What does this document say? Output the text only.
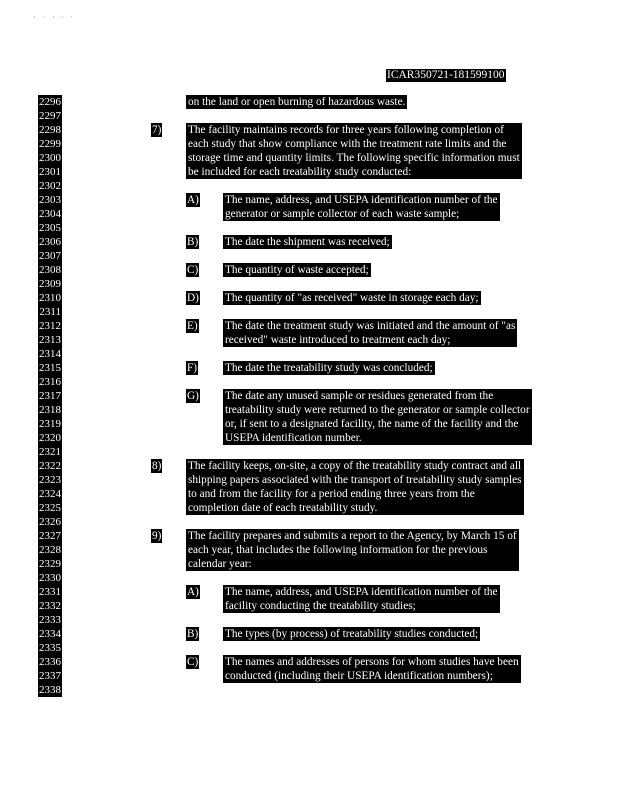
' ' ' ' '
ICAR350721-181599100
2296
2297
2298
2299
2300
2301
2302
2303
2304
2305
2306
2307
2308
2309
2310
2311
2312
2313
2314
2315
2316
2317
2318
2319
2320
2321
2322
2323
2324
2325
2326
2327
2328
2329
2330
2331
2332
2333
2334
2335
2336
2337
2338
on the land or open burning of hazardous waste.
7) The facility maintains records for three years following completion of
each study that show compliance with the treatment rate limits and the
storage time and quantity limits. The following specific information must
be included for each treatability study conducted:
A) The name, address, and USEPA identification number of the
generator or sample collector of each waste sample;
B) The date the shipment was received;
C) The quantity of waste accepted;
D) The quantity of "as received" waste in storage each day;
E) The date the treatment study was initiated and the amount of "as
received" waste introduced to treatment each day;
F) The date the treatability study was concluded;
G) The date any unused sample or residues generated from the
treatability study were returned to the generator or sample collector
or, if sent to a designated facility, the name of the facility and the
USEPA identification number.
8) The facility keeps, on-site, a copy of the treatability study contract and all
shipping papers associated with the transport of treatability study samples
to and from the facility for a period ending three years from the
completion date of each treatability study.
9) The facility prepares and submits a report to the Agency, by March 15 of
each year, that includes the following information for the previous
calendar year:
A) The name, address, and USEPA identification number of the
facility conducting the treatability studies;
B) The types (by process) of treatability studies conducted;
C) The names and addresses of persons for whom studies have been
conducted (including their USEPA identification numbers);
